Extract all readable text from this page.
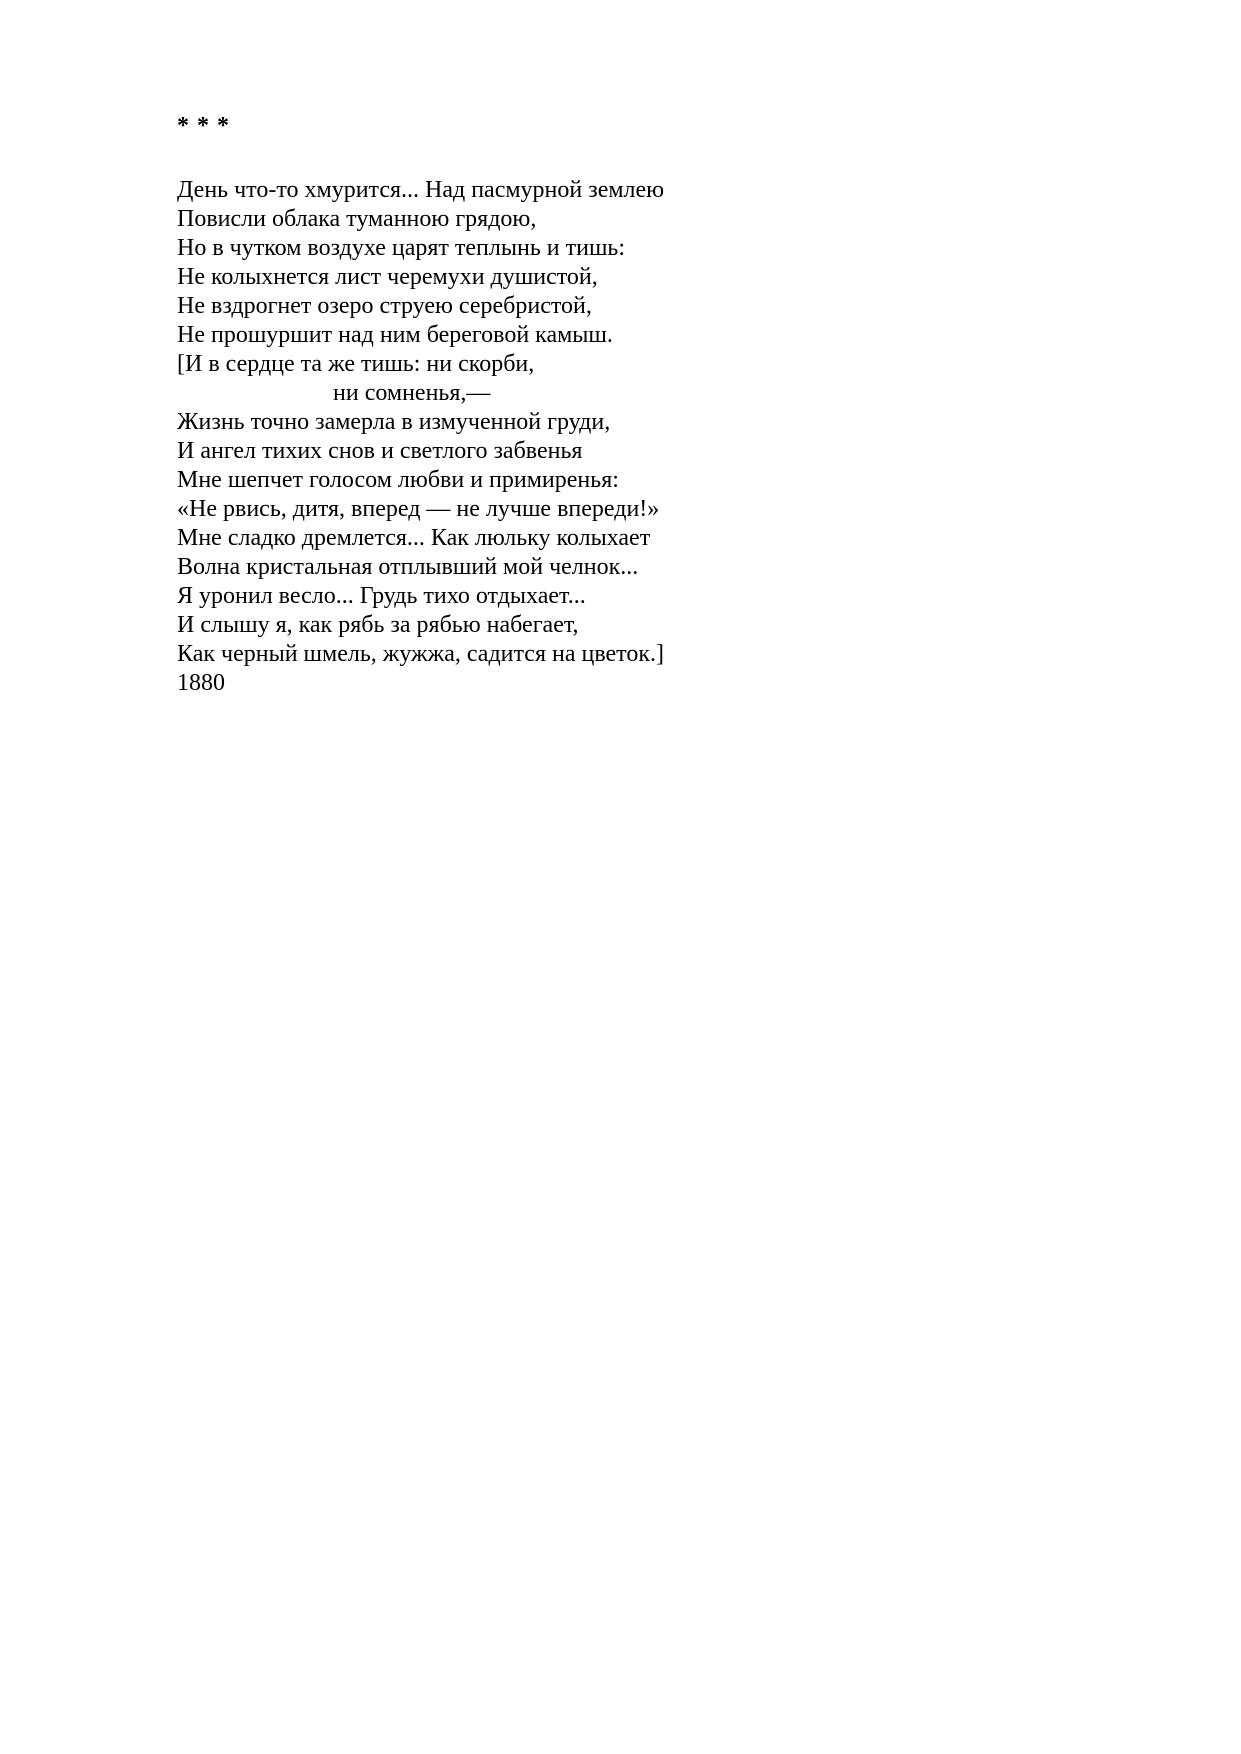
* * *
День что-то хмурится... Над пасмурной землею
Повисли облака туманною грядою,
Но в чутком воздухе царят теплынь и тишь:
Не колыхнется лист черемухи душистой,
Не вздрогнет озеро струею серебристой,
Не прошуршит над ним береговой камыш.
[И в сердце та же тишь: ни скорби,
ни сомненья,—
Жизнь точно замерла в измученной груди,
И ангел тихих снов и светлого забвенья
Мне шепчет голосом любви и примиренья:
«Не рвись, дитя, вперед — не лучше впереди!»
Мне сладко дремлется... Как люльку колыхает
Волна кристальная отплывший мой челнок...
Я уронил весло... Грудь тихо отдыхает...
И слышу я, как рябь за рябью набегает,
Как черный шмель, жужжа, садится на цветок.]
1880
